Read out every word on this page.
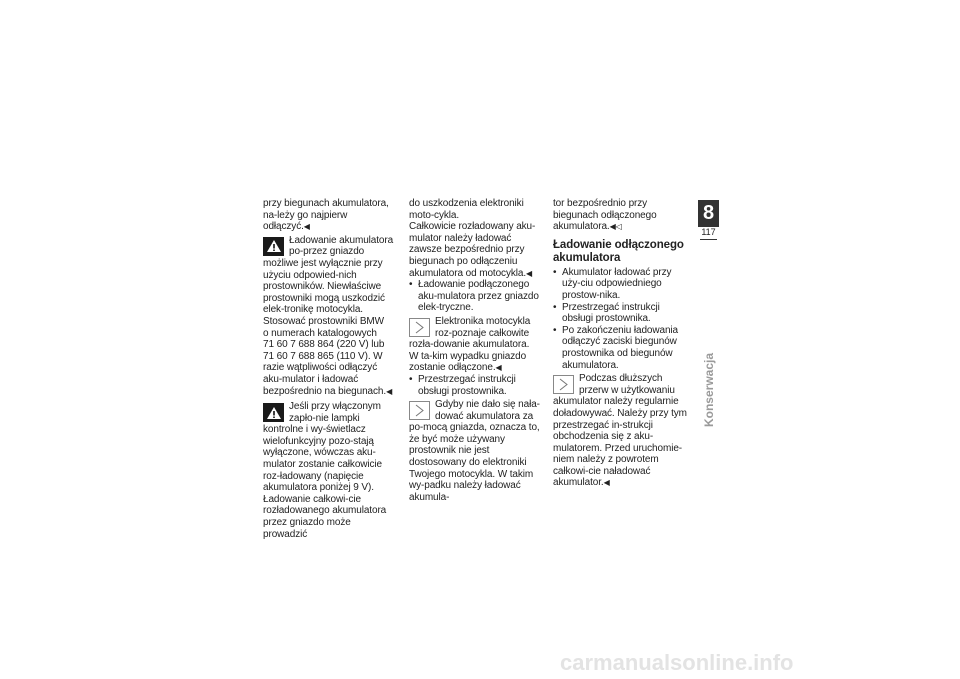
przy biegunach akumulatora, na-leży go najpierw odłączyć. ◀

Ładowanie akumulatora po-przez gniazdo możliwe jest wyłącznie przy użyciu odpowied-nich prostowników. Niewłaściwe prostowniki mogą uszkodzić elek-tronikę motocykla.

Stosować prostowniki BMW

o numerach katalogowych

71 60 7 688 864 (220 V) lub

71 60 7 688 865 (110 V). W razie wątpliwości odłączyć aku-mulator i ładować bezpośrednio na biegunach. ◀

Jeśli przy włączonym zapło-nie lampki kontrolne i wy-świetlacz wielofunkcyjny pozo-stają wyłączone, wówczas aku-mulator zostanie całkowicie roz-ładowany (napięcie akumulatora poniżej 9 V). Ładowanie całkowi-cie rozładowanego akumulatora przez gniazdo może prowadzić

do uszkodzenia elektroniki moto-cykla.

Całkowicie rozładowany aku-mulator należy ładować zawsze bezpośrednio przy biegunach po odłączeniu akumulatora od motocykla. ◀

• Ładowanie podłączonego aku-mulatora przez gniazdo elek-tryczne.

Elektronika motocykla roz-poznaje całkowite rozła-dowanie akumulatora. W ta-kim wypadku gniazdo zostanie odłączone. ◀

• Przestrzegać instrukcji obsługi prostownika.

Gdyby nie dało się nała-dować akumulatora za po-mocą gniazda, oznacza to, że być może używany prostownik nie jest dostosowany do elektroniki Twojego motocykla. W takim wy-padku należy ładować akumula-

tor bezpośrednio przy biegunach odłączonego akumulatora. ◀ ◁

Ładowanie odłączonego akumulatora
• Akumulator ładować przy uży-ciu odpowiedniego prostow-nika.
• Przestrzegać instrukcji obsługi prostownika.
• Po zakończeniu ładowania odłączyć zaciski biegunów prostownika od biegunów akumulatora.

Podczas dłuższych przerw w użytkowaniu akumulator należy regularnie doładowywać. Należy przy tym przestrzegać in-strukcji obchodzenia się z aku-mulatorem. Przed uruchomie-niem należy z powrotem całkowi-cie naładować akumulator. ◀

8
117
Konserwacja
carmanualsonline.info
